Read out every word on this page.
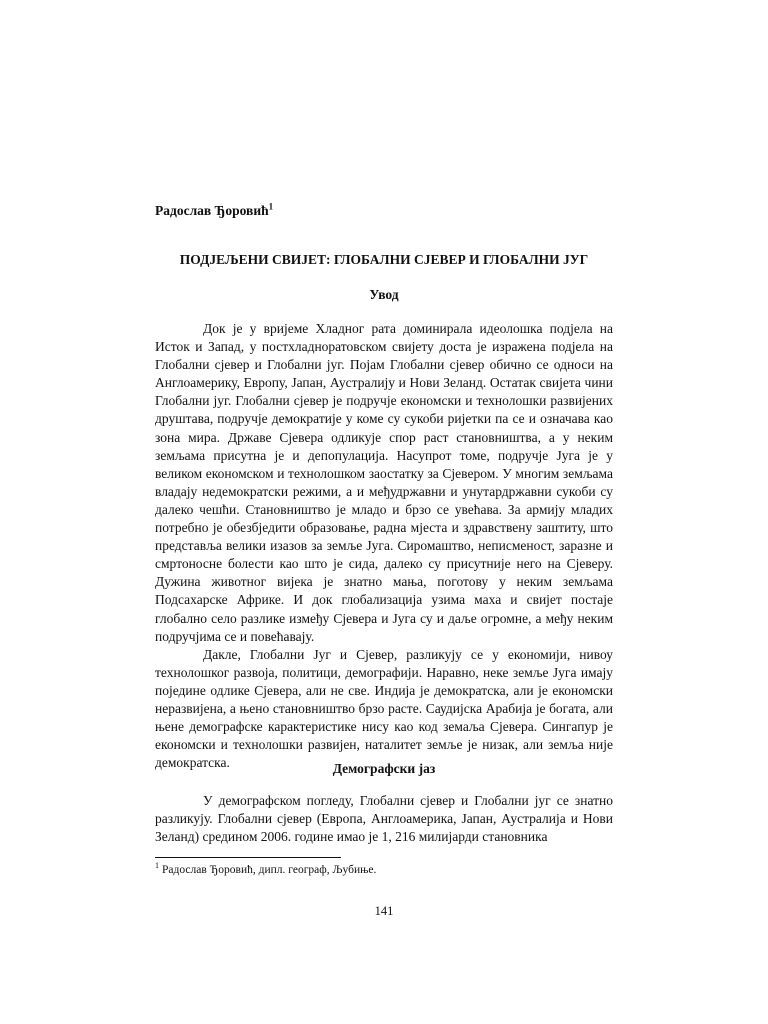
Радослав Ђоровић$^1$
ПОДЈЕЉЕНИ СВИЈЕТ: ГЛОБАЛНИ СЈЕВЕР И ГЛОБАЛНИ ЈУГ
Увод

Док је у вријеме Хладног рата доминирала идеолошка подјела на Исток и Запад, у постхладноратовском свијету доста је изражена подјела на Глобални сјевер и Глобални југ. Појам Глобални сјевер обично се односи на Англоамерику, Европу, Јапан, Аустралију и Нови Зеланд. Остатак свијета чини Глобални југ. Глобални сјевер је подручје економски и технолошки развијених друштава, подручје демократије у коме су сукоби ријетки па се и означава као зона мира. Државе Сјевера одликује спор раст становништва, а у неким земљама присутна је и депопулација. Насупрот томе, подручје Југа је у великом економском и технолошком заостатку за Сјевером. У многим земљама владају недемократски режими, а и међудржавни и унутардржавни сукоби су далеко чешћи. Становништво је младо и брзо се увећава. За армију младих потребно је обезбједити образовање, радна мјеста и здравствену заштиту, што представља велики изазов за земље Југа. Сиромаштво, неписменост, заразне и смртоносне болести као што је сида, далеко су присутније него на Сјеверу. Дужина животног вијека је знатно мања, поготову у неким земљама Подсахарске Африке. И док глобализација узима маха и свијет постаје глобално село разлике између Сјевера и Југа су и даље огромне, а међу неким подручјима се и повећавају.

Дакле, Глобални Југ и Сјевер, разликују се у економији, нивоу технолошког развоја, политици, демографији. Наравно, неке земље Југа имају поједине одлике Сјевера, али не све. Индија је демократска, али је економски неразвијена, а њено становништво брзо расте. Саудијска Арабија је богата, али њене демографске карактеристике нису као код земаља Сјевера. Сингапур је економски и технолошки развијен, наталитет земље је низак, али земља није демократска.	Демографски јаз

У демографском погледу, Глобални сјевер и Глобални југ се знатно разликују. Глобални сјевер (Европа, Англоамерика, Јапан, Аустралија и Нови Зеланд) средином 2006. године имао је 1, 216 милијарди становника

$^1$ Радослав Ђоровић, дипл. географ, Љубиње.
141
